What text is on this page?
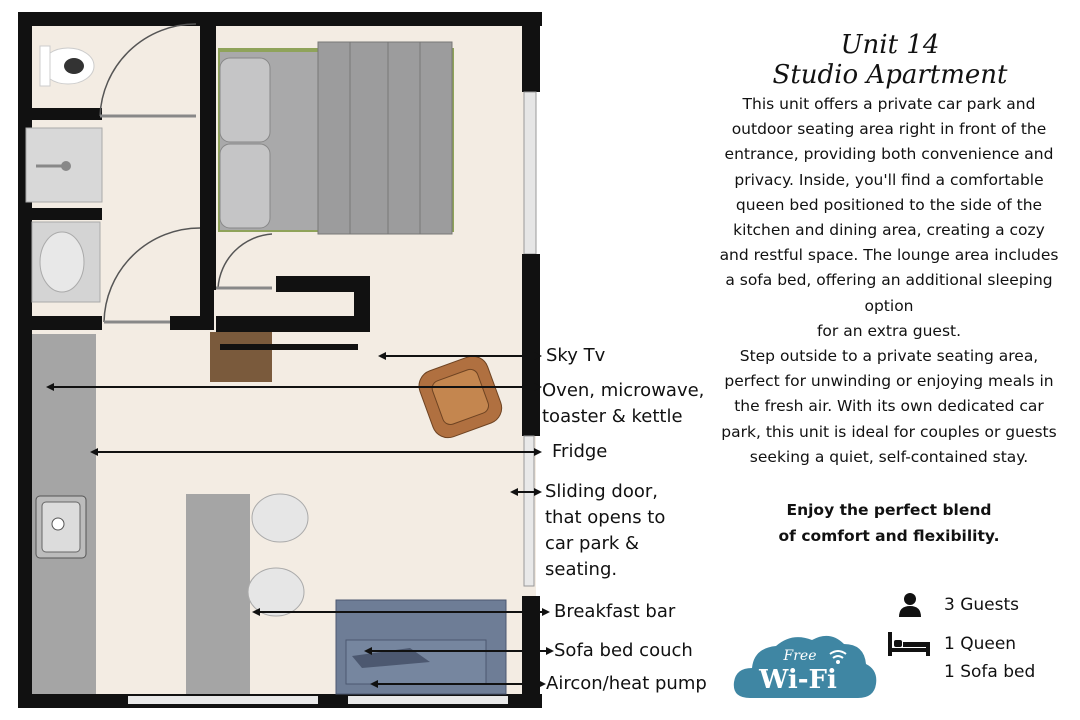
Sky Tv
Oven, microwave,
toaster & kettle
Fridge
Sliding door,
that opens to
car park &
seating.
Breakfast bar
Sofa bed couch
Aircon/heat pump
Unit 14
Studio Apartment

This unit offers a private car park and outdoor seating area right in front of the entrance, providing both convenience and privacy. Inside, you'll find a comfortable queen bed positioned to the side of the kitchen and dining area, creating a cozy and restful space. The lounge area includes a sofa bed, offering an additional sleeping option

for an extra guest.

Step outside to a private seating area, perfect for unwinding or enjoying meals in the fresh air. With its own dedicated car park, this unit is ideal for couples or guests seeking a quiet, self-contained stay.

Enjoy the perfect blend
of comfort and flexibility.
3 Guests
1 Queen
1 Sofa bed
Free
Wi-Fi
